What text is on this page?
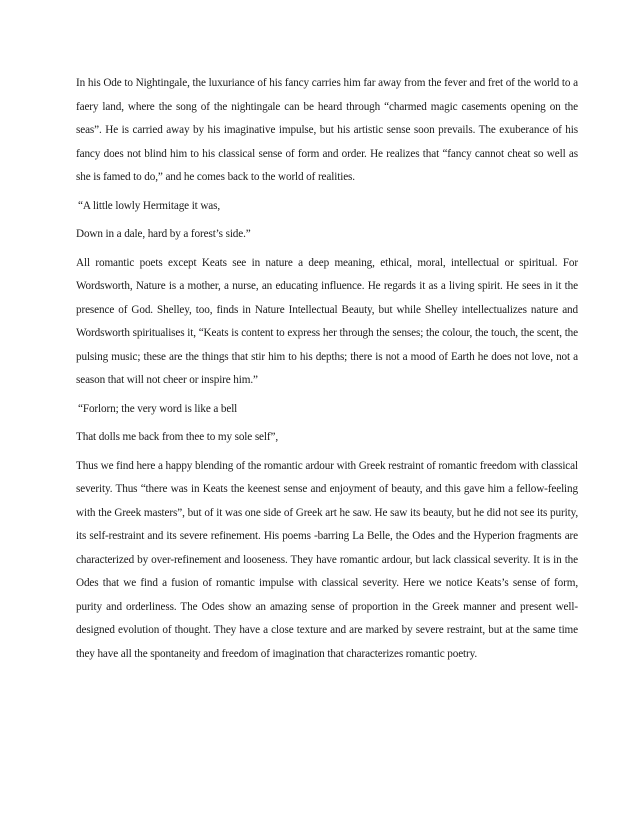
In his Ode to Nightingale, the luxuriance of his fancy carries him far away from the fever and fret of the world to a faery land, where the song of the nightingale can be heard through “charmed magic casements opening on the seas”. He is carried away by his imaginative impulse, but his artistic sense soon prevails. The exuberance of his fancy does not blind him to his classical sense of form and order. He realizes that “fancy cannot cheat so well as she is famed to do,” and he comes back to the world of realities.

“A little lowly Hermitage it was,

Down in a dale, hard by a forest’s side.”

All romantic poets except Keats see in nature a deep meaning, ethical, moral, intellectual or spiritual. For Wordsworth, Nature is a mother, a nurse, an educating influence. He regards it as a living spirit. He sees in it the presence of God. Shelley, too, finds in Nature Intellectual Beauty, but while Shelley intellectualizes nature and Wordsworth spiritualises it, “Keats is content to express her through the senses; the colour, the touch, the scent, the pulsing music; these are the things that stir him to his depths; there is not a mood of Earth he does not love, not a season that will not cheer or inspire him.”

“Forlorn; the very word is like a bell

That dolls me back from thee to my sole self”,

Thus we find here a happy blending of the romantic ardour with Greek restraint of romantic freedom with classical severity. Thus “there was in Keats the keenest sense and enjoyment of beauty, and this gave him a fellow-feeling with the Greek masters”, but of it was one side of Greek art he saw. He saw its beauty, but he did not see its purity, its self-restraint and its severe refinement. His poems -barring La Belle, the Odes and the Hyperion fragments are characterized by over-refinement and looseness. They have romantic ardour, but lack classical severity. It is in the Odes that we find a fusion of romantic impulse with classical severity. Here we notice Keats’s sense of form, purity and orderliness. The Odes show an amazing sense of proportion in the Greek manner and present well-designed evolution of thought. They have a close texture and are marked by severe restraint, but at the same time they have all the spontaneity and freedom of imagination that characterizes romantic poetry.
